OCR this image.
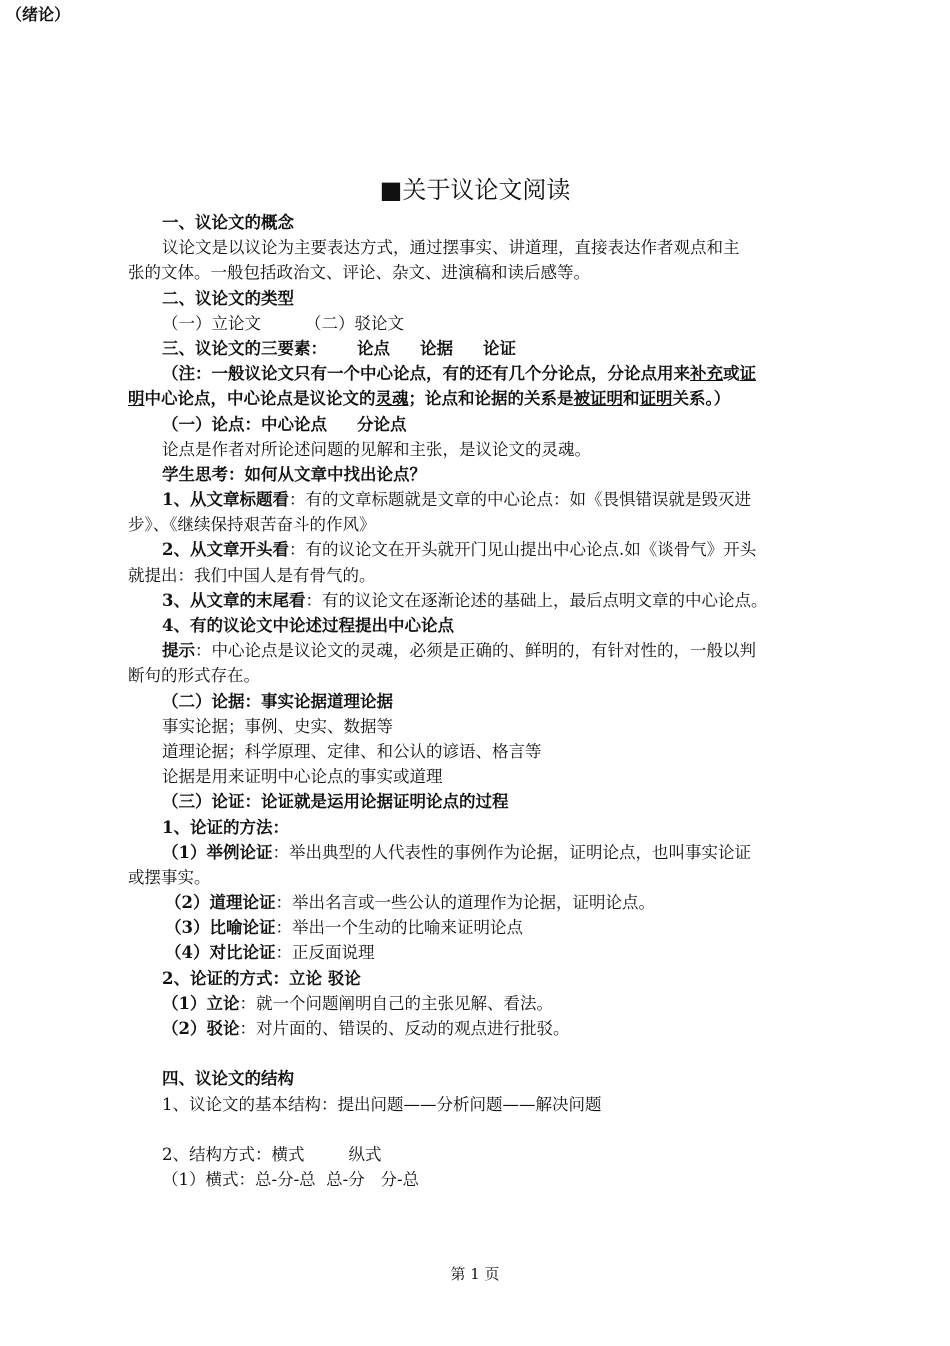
（绪论）
■关于议论文阅读
一、议论文的概念
议论文是以议论为主要表达方式，通过摆事实、讲道理，直接表达作者观点和主
张的文体。一般包括政治文、评论、杂文、进演稿和读后感等。
二、议论文的类型
（一）立论文	（二）驳论文
三、议论文的三要素： 论点 论据 论证
（注：一般议论文只有一个中心论点，有的还有几个分论点，分论点用来补充或证
明中心论点，中心论点是议论文的灵魂；论点和论据的关系是被证明和证明关系。）
（一）论点：中心论点 分论点
论点是作者对所论述问题的见解和主张，是议论文的灵魂。
学生思考：如何从文章中找出论点？
1、从文章标题看：有的文章标题就是文章的中心论点：如《畏惧错误就是毁灭进
步》、《继续保持艰苦奋斗的作风》
2、从文章开头看：有的议论文在开头就开门见山提出中心论点.如《谈骨气》开头
就提出：我们中国人是有骨气的。
3、从文章的末尾看：有的议论文在逐渐论述的基础上，最后点明文章的中心论点。
4、有的议论文中论述过程提出中心论点
提示：中心论点是议论文的灵魂，必须是正确的、鲜明的，有针对性的，一般以判
断句的形式存在。
（二）论据：事实论据道理论据
事实论据；事例、史实、数据等
道理论据；科学原理、定律、和公认的谚语、格言等
论据是用来证明中心论点的事实或道理
（三）论证：论证就是运用论据证明论点的过程
1、论证的方法：
（1）举例论证：举出典型的人代表性的事例作为论据，证明论点，也叫事实论证
或摆事实。
（2）道理论证：举出名言或一些公认的道理作为论据，证明论点。
（3）比喻论证：举出一个生动的比喻来证明论点
（4）对比论证：正反面说理
2、论证的方式：立论 驳论
（1）立论：就一个问题阐明自己的主张见解、看法。
（2）驳论：对片面的、错误的、反动的观点进行批驳。
四、议论文的结构
1、议论文的基本结构：提出问题——分析问题——解决问题
2、结构方式：横式	纵式
（1）横式：总-分-总 总-分 分-总
第 1 页
